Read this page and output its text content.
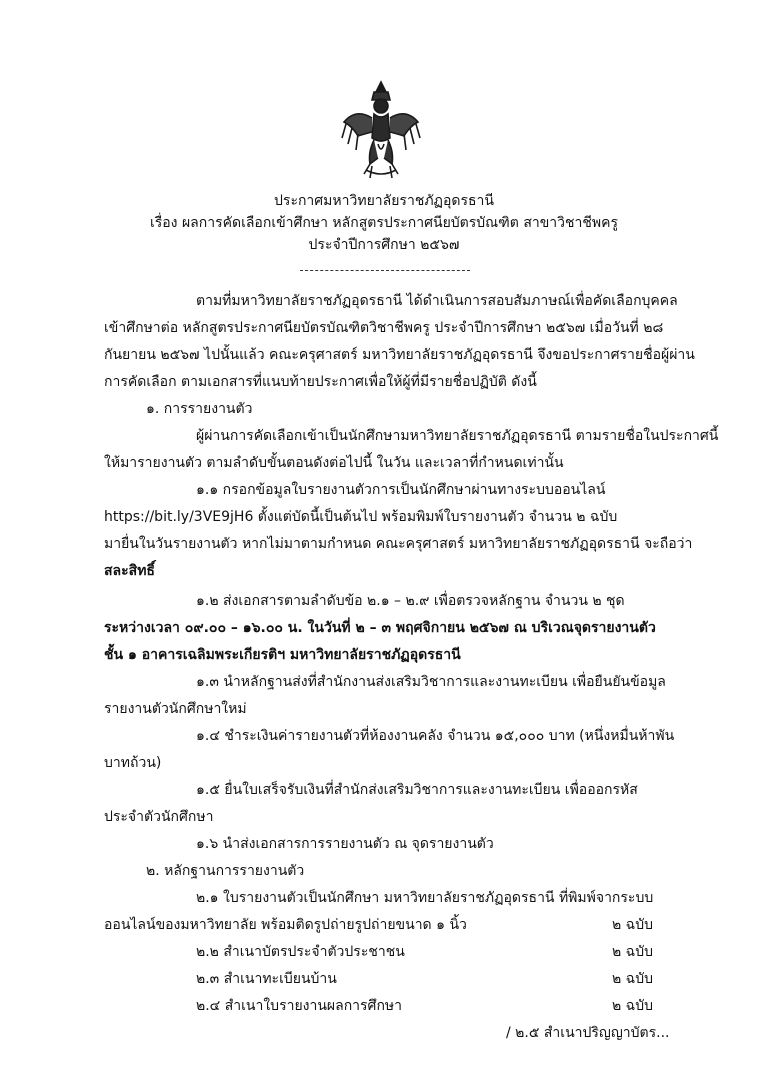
ประกาศมหาวิทยาลัยราชภัฏอุดรธานี
เรื่อง ผลการคัดเลือกเข้าศึกษา หลักสูตรประกาศนียบัตรบัณฑิต สาขาวิชาชีพครู
ประจำปีการศึกษา ๒๕๖๗
ตามที่มหาวิทยาลัยราชภัฏอุดรธานี ได้ดำเนินการสอบสัมภาษณ์เพื่อคัดเลือกบุคคล
เข้าศึกษาต่อ หลักสูตรประกาศนียบัตรบัณฑิตวิชาชีพครู ประจำปีการศึกษา ๒๕๖๗ เมื่อวันที่ ๒๘
กันยายน ๒๕๖๗ ไปนั้นแล้ว คณะครุศาสตร์ มหาวิทยาลัยราชภัฏอุดรธานี จึงขอประกาศรายชื่อผู้ผ่าน
การคัดเลือก ตามเอกสารที่แนบท้ายประกาศเพื่อให้ผู้ที่มีรายชื่อปฏิบัติ ดังนี้
๑. การรายงานตัว
ผู้ผ่านการคัดเลือกเข้าเป็นนักศึกษามหาวิทยาลัยราชภัฏอุดรธานี ตามรายชื่อในประกาศนี้
ให้มารายงานตัว ตามลำดับขั้นตอนดังต่อไปนี้ ในวัน และเวลาที่กำหนดเท่านั้น
๑.๑ กรอกข้อมูลใบรายงานตัวการเป็นนักศึกษาผ่านทางระบบออนไลน์
https://bit.ly/3VE9jH6 ตั้งแต่บัดนี้เป็นต้นไป พร้อมพิมพ์ใบรายงานตัว จำนวน ๒ ฉบับ
มายื่นในวันรายงานตัว หากไม่มาตามกำหนด คณะครุศาสตร์ มหาวิทยาลัยราชภัฏอุดรธานี จะถือว่า
สละสิทธิ์
๑.๒ ส่งเอกสารตามลำดับข้อ ๒.๑ – ๒.๙ เพื่อตรวจหลักฐาน จำนวน ๒ ชุด
ระหว่างเวลา ๐๙.๐๐ – ๑๖.๐๐ น. ในวันที่ ๒ – ๓ พฤศจิกายน ๒๕๖๗ ณ บริเวณจุดรายงานตัว
ชั้น ๑ อาคารเฉลิมพระเกียรติฯ มหาวิทยาลัยราชภัฏอุดรธานี
๑.๓ นำหลักฐานส่งที่สำนักงานส่งเสริมวิชาการและงานทะเบียน เพื่อยืนยันข้อมูล
รายงานตัวนักศึกษาใหม่
๑.๔ ชำระเงินค่ารายงานตัวที่ห้องงานคลัง จำนวน ๑๕,๐๐๐ บาท (หนึ่งหมื่นห้าพัน
บาทถ้วน)
๑.๕ ยื่นใบเสร็จรับเงินที่สำนักส่งเสริมวิชาการและงานทะเบียน เพื่อออกรหัส
ประจำตัวนักศึกษา
๑.๖ นำส่งเอกสารการรายงานตัว ณ จุดรายงานตัว
๒. หลักฐานการรายงานตัว
๒.๑ ใบรายงานตัวเป็นนักศึกษา มหาวิทยาลัยราชภัฏอุดรธานี ที่พิมพ์จากระบบ
ออนไลน์ของมหาวิทยาลัย พร้อมติดรูปถ่ายรูปถ่ายขนาด ๑ นิ้ว	๒ ฉบับ
๒.๒ สำเนาบัตรประจำตัวประชาชน	๒ ฉบับ
๒.๓ สำเนาทะเบียนบ้าน	๒ ฉบับ
๒.๔ สำเนาใบรายงานผลการศึกษา	๒ ฉบับ
/ ๒.๕ สำเนาปริญญาบัตร...
